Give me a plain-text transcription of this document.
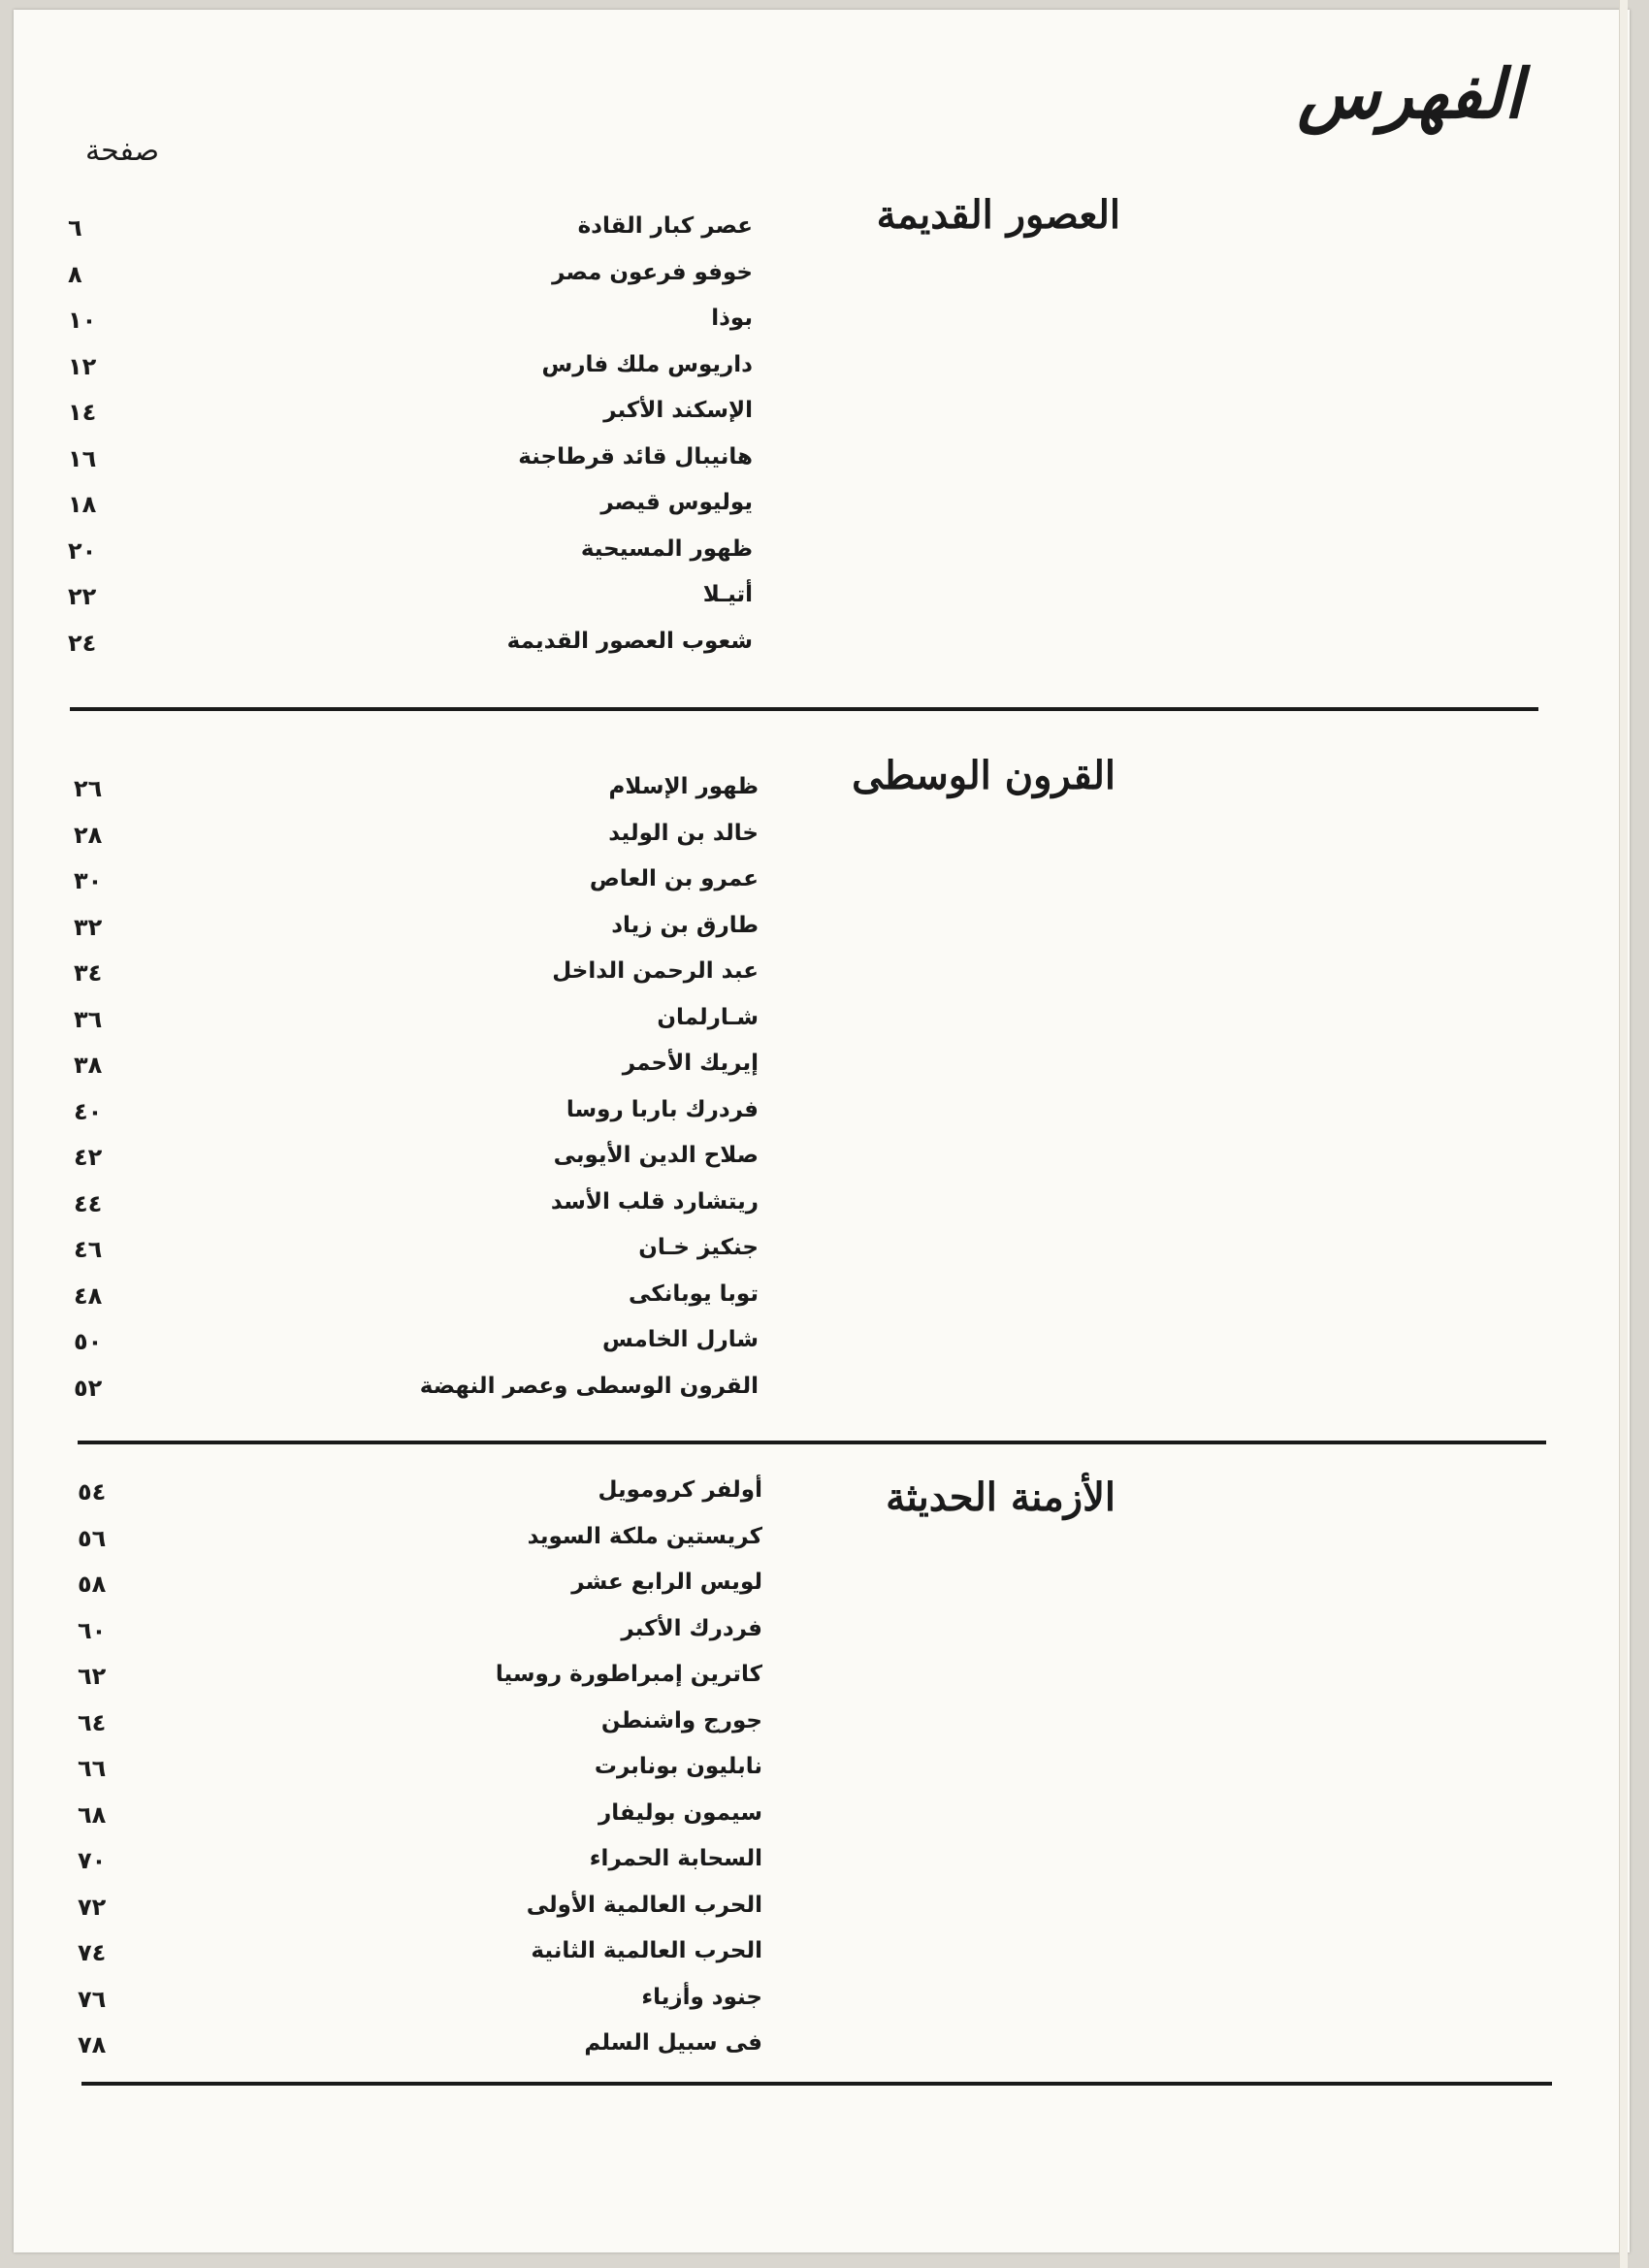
الفهرس
صفحة
العصور القديمة
عصر كبار القادة
٦
خوفو فرعون مصر
٨
بوذا
١٠
داريوس ملك فارس
١٢
الإسكند الأكبر
١٤
هانيبال قائد قرطاجنة
١٦
يوليوس قيصر
١٨
ظهور المسيحية
٢٠
أتيـلا
٢٢
شعوب العصور القديمة
٢٤
القرون الوسطى
ظهور الإسلام
٢٦
خالد بن الوليد
٢٨
عمرو بن العاص
٣٠
طارق بن زياد
٣٢
عبد الرحمن الداخل
٣٤
شـارلمان
٣٦
إيريك الأحمر
٣٨
فردرك باربا روسا
٤٠
صلاح الدين الأيوبى
٤٢
ريتشارد قلب الأسد
٤٤
جنكيز خـان
٤٦
توبا يوبانكى
٤٨
شارل الخامس
٥٠
القرون الوسطى وعصر النهضة
٥٢
الأزمنة الحديثة
أولفر كرومويل
٥٤
كريستين ملكة السويد
٥٦
لويس الرابع عشر
٥٨
فردرك الأكبر
٦٠
كاترين إمبراطورة روسيا
٦٢
جورج واشنطن
٦٤
نابليون بونابرت
٦٦
سيمون بوليفار
٦٨
السحابة الحمراء
٧٠
الحرب العالمية الأولى
٧٢
الحرب العالمية الثانية
٧٤
جنود وأزياء
٧٦
فى سبيل السلم
٧٨
